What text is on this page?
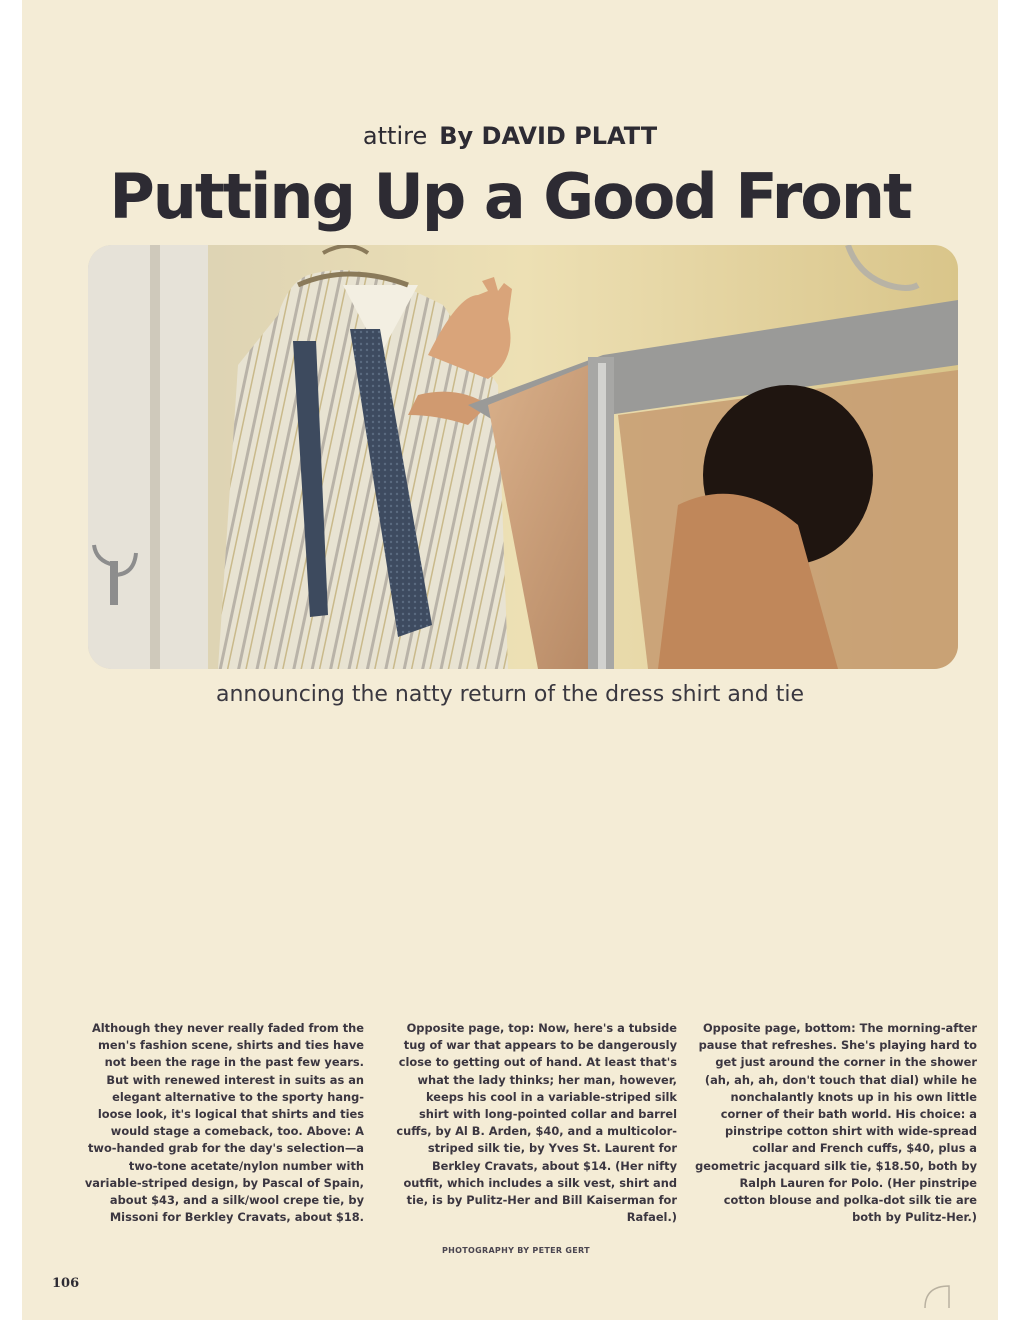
attire By DAVID PLATT
Putting Up a Good Front
announcing the natty return of the dress shirt and tie

Although they never really faded from the men's fashion scene, shirts and ties have not been the rage in the past few years. But with renewed interest in suits as an elegant alternative to the sporty hang-loose look, it's logical that shirts and ties would stage a comeback, too. Above: A two-handed grab for the day's selection—a two-tone acetate/nylon number with variable-striped design, by Pascal of Spain, about $43, and a silk/wool crepe tie, by Missoni for Berkley Cravats, about $18.

Opposite page, top: Now, here's a tubside tug of war that appears to be dangerously close to getting out of hand. At least that's what the lady thinks; her man, however, keeps his cool in a variable-striped silk shirt with long-pointed collar and barrel cuffs, by Al B. Arden, $40, and a multicolor-striped silk tie, by Yves St. Laurent for Berkley Cravats, about $14. (Her nifty outfit, which includes a silk vest, shirt and tie, is by Pulitz-Her and Bill Kaiserman for Rafael.)

Opposite page, bottom: The morning-after pause that refreshes. She's playing hard to get just around the corner in the shower (ah, ah, ah, don't touch that dial) while he nonchalantly knots up in his own little corner of their bath world. His choice: a pinstripe cotton shirt with wide-spread collar and French cuffs, $40, plus a geometric jacquard silk tie, $18.50, both by Ralph Lauren for Polo. (Her pinstripe cotton blouse and polka-dot silk tie are both by Pulitz-Her.)

PHOTOGRAPHY BY PETER GERT
106
